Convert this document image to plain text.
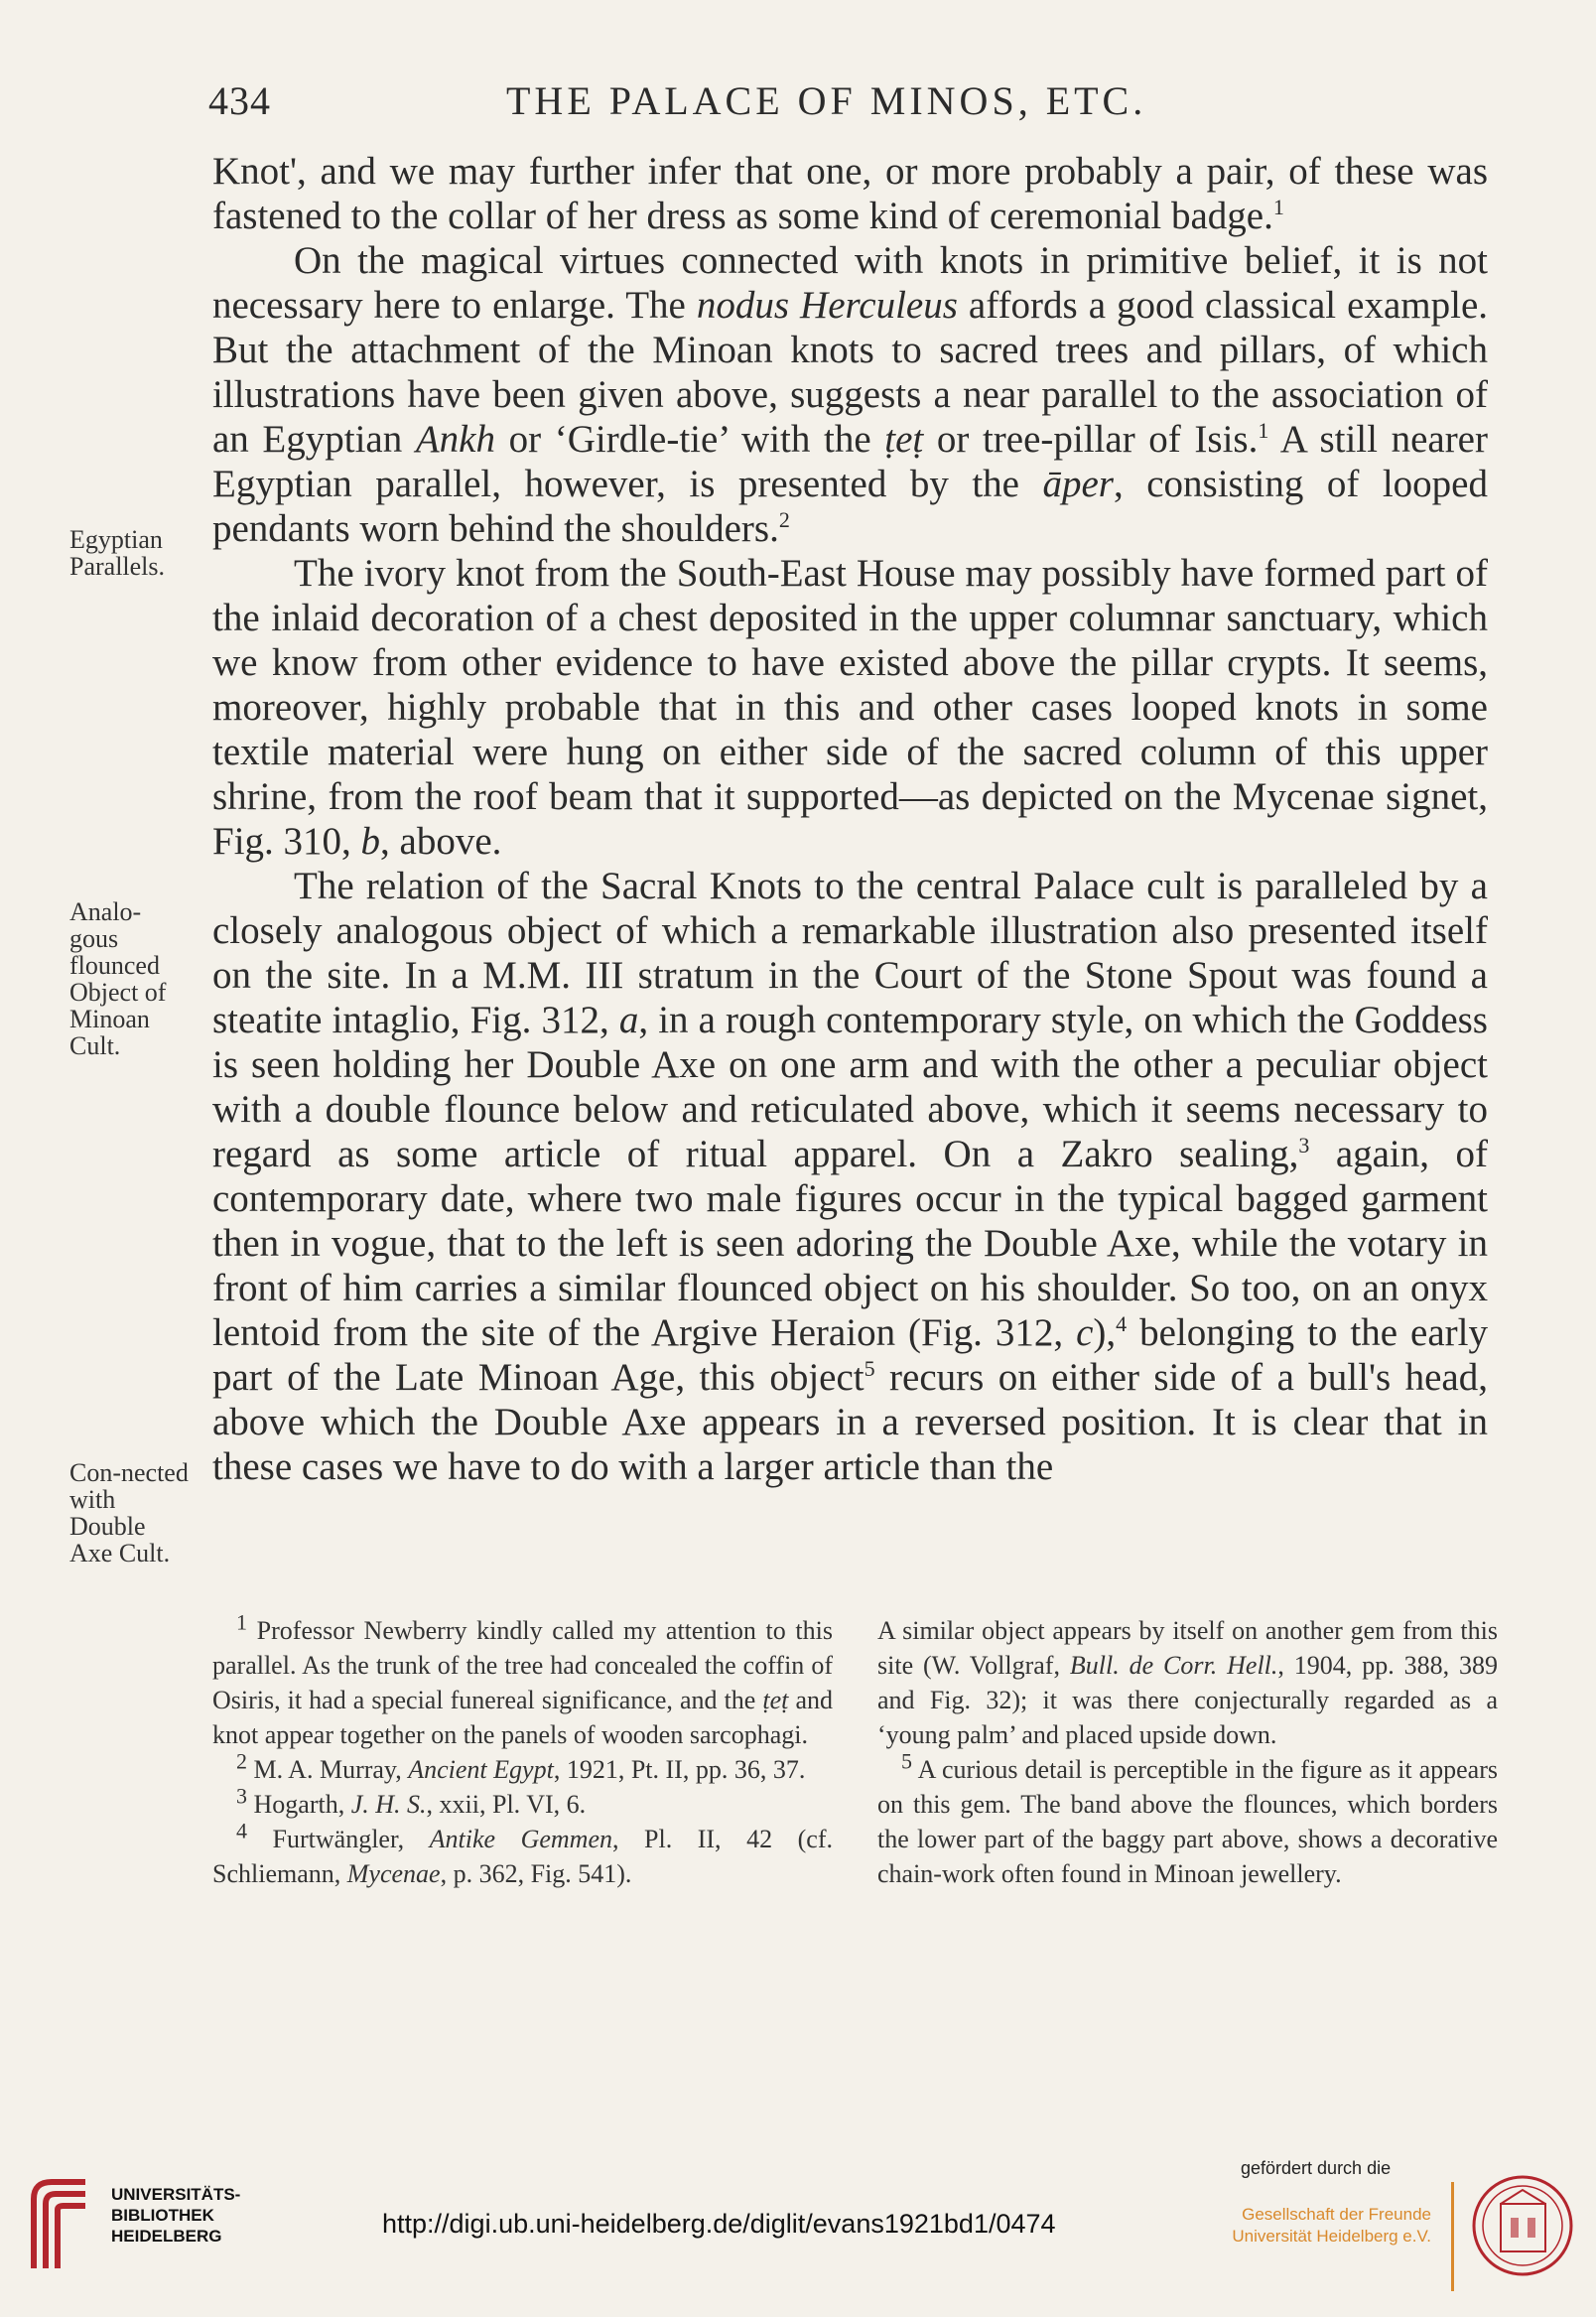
434	THE PALACE OF MINOS, ETC.
Egyptian Parallels.
Analo-gous flounced Object of Minoan Cult.
Con-nected with Double Axe Cult.
Knot', and we may further infer that one, or more probably a pair, of these was fastened to the collar of her dress as some kind of ceremonial badge.$^1$
On the magical virtues connected with knots in primitive belief, it is not necessary here to enlarge. The nodus Herculeus affords a good classical example. But the attachment of the Minoan knots to sacred trees and pillars, of which illustrations have been given above, suggests a near parallel to the association of an Egyptian Ankh or ‘Girdle-tie’ with the ṭeṭ or tree-pillar of Isis.$^1$ A still nearer Egyptian parallel, however, is presented by the āper, consisting of looped pendants worn behind the shoulders.$^2$
The ivory knot from the South-East House may possibly have formed part of the inlaid decoration of a chest deposited in the upper columnar sanctuary, which we know from other evidence to have existed above the pillar crypts. It seems, moreover, highly probable that in this and other cases looped knots in some textile material were hung on either side of the sacred column of this upper shrine, from the roof beam that it supported—as depicted on the Mycenae signet, Fig. 310, b, above.
The relation of the Sacral Knots to the central Palace cult is paralleled by a closely analogous object of which a remarkable illustration also presented itself on the site. In a M.M. III stratum in the Court of the Stone Spout was found a steatite intaglio, Fig. 312, a, in a rough contemporary style, on which the Goddess is seen holding her Double Axe on one arm and with the other a peculiar object with a double flounce below and reticulated above, which it seems necessary to regard as some article of ritual apparel. On a Zakro sealing,$^3$ again, of contemporary date, where two male figures occur in the typical bagged garment then in vogue, that to the left is seen adoring the Double Axe, while the votary in front of him carries a similar flounced object on his shoulder. So too, on an onyx lentoid from the site of the Argive Heraion (Fig. 312, c),$^4$ belonging to the early part of the Late Minoan Age, this object$^5$ recurs on either side of a bull's head, above which the Double Axe appears in a reversed position. It is clear that in these cases we have to do with a larger article than the

$^1$ Professor Newberry kindly called my attention to this parallel. As the trunk of the tree had concealed the coffin of Osiris, it had a special funereal significance, and the ṭeṭ and knot appear together on the panels of wooden sarcophagi.

$^2$ M. A. Murray, Ancient Egypt, 1921, Pt. II, pp. 36, 37.

$^3$ Hogarth, J. H. S., xxii, Pl. VI, 6.

$^4$ Furtwängler, Antike Gemmen, Pl. II, 42 (cf. Schliemann, Mycenae, p. 362, Fig. 541).

A similar object appears by itself on another gem from this site (W. Vollgraf, Bull. de Corr. Hell., 1904, pp. 388, 389 and Fig. 32); it was there conjecturally regarded as a ‘young palm’ and placed upside down.

$^5$ A curious detail is perceptible in the figure as it appears on this gem. The band above the flounces, which borders the lower part of the baggy part above, shows a decorative chain-work often found in Minoan jewellery.

UNIVERSITÄTS-
BIBLIOTHEK
HEIDELBERG	http://digi.ub.uni-heidelberg.de/diglit/evans1921bd1/0474
gefördert durch die
Gesellschaft der Freunde
Universität Heidelberg e.V.
